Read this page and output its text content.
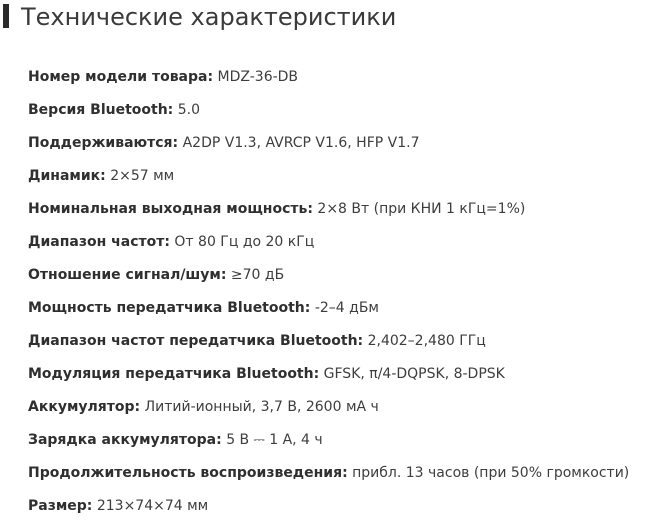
Технические характеристики
Номер модели товара: MDZ-36-DB
Версия Bluetooth: 5.0
Поддерживаются: A2DP V1.3, AVRCP V1.6, HFP V1.7
Динамик: 2×57 мм
Номинальная выходная мощность: 2×8 Вт (при КНИ 1 кГц=1%)
Диапазон частот: От 80 Гц до 20 кГц
Отношение сигнал/шум: ≥70 дБ
Мощность передатчика Bluetooth: -2–4 дБм
Диапазон частот передатчика Bluetooth: 2,402–2,480 ГГц
Модуляция передатчика Bluetooth: GFSK, π/4-DQPSK, 8-DPSK
Аккумулятор: Литий-ионный, 3,7 В, 2600 мА ч
Зарядка аккумулятора: 5 В ⎓ 1 А, 4 ч
Продолжительность воспроизведения: прибл. 13 часов (при 50% громкости)
Размер: 213×74×74 мм
